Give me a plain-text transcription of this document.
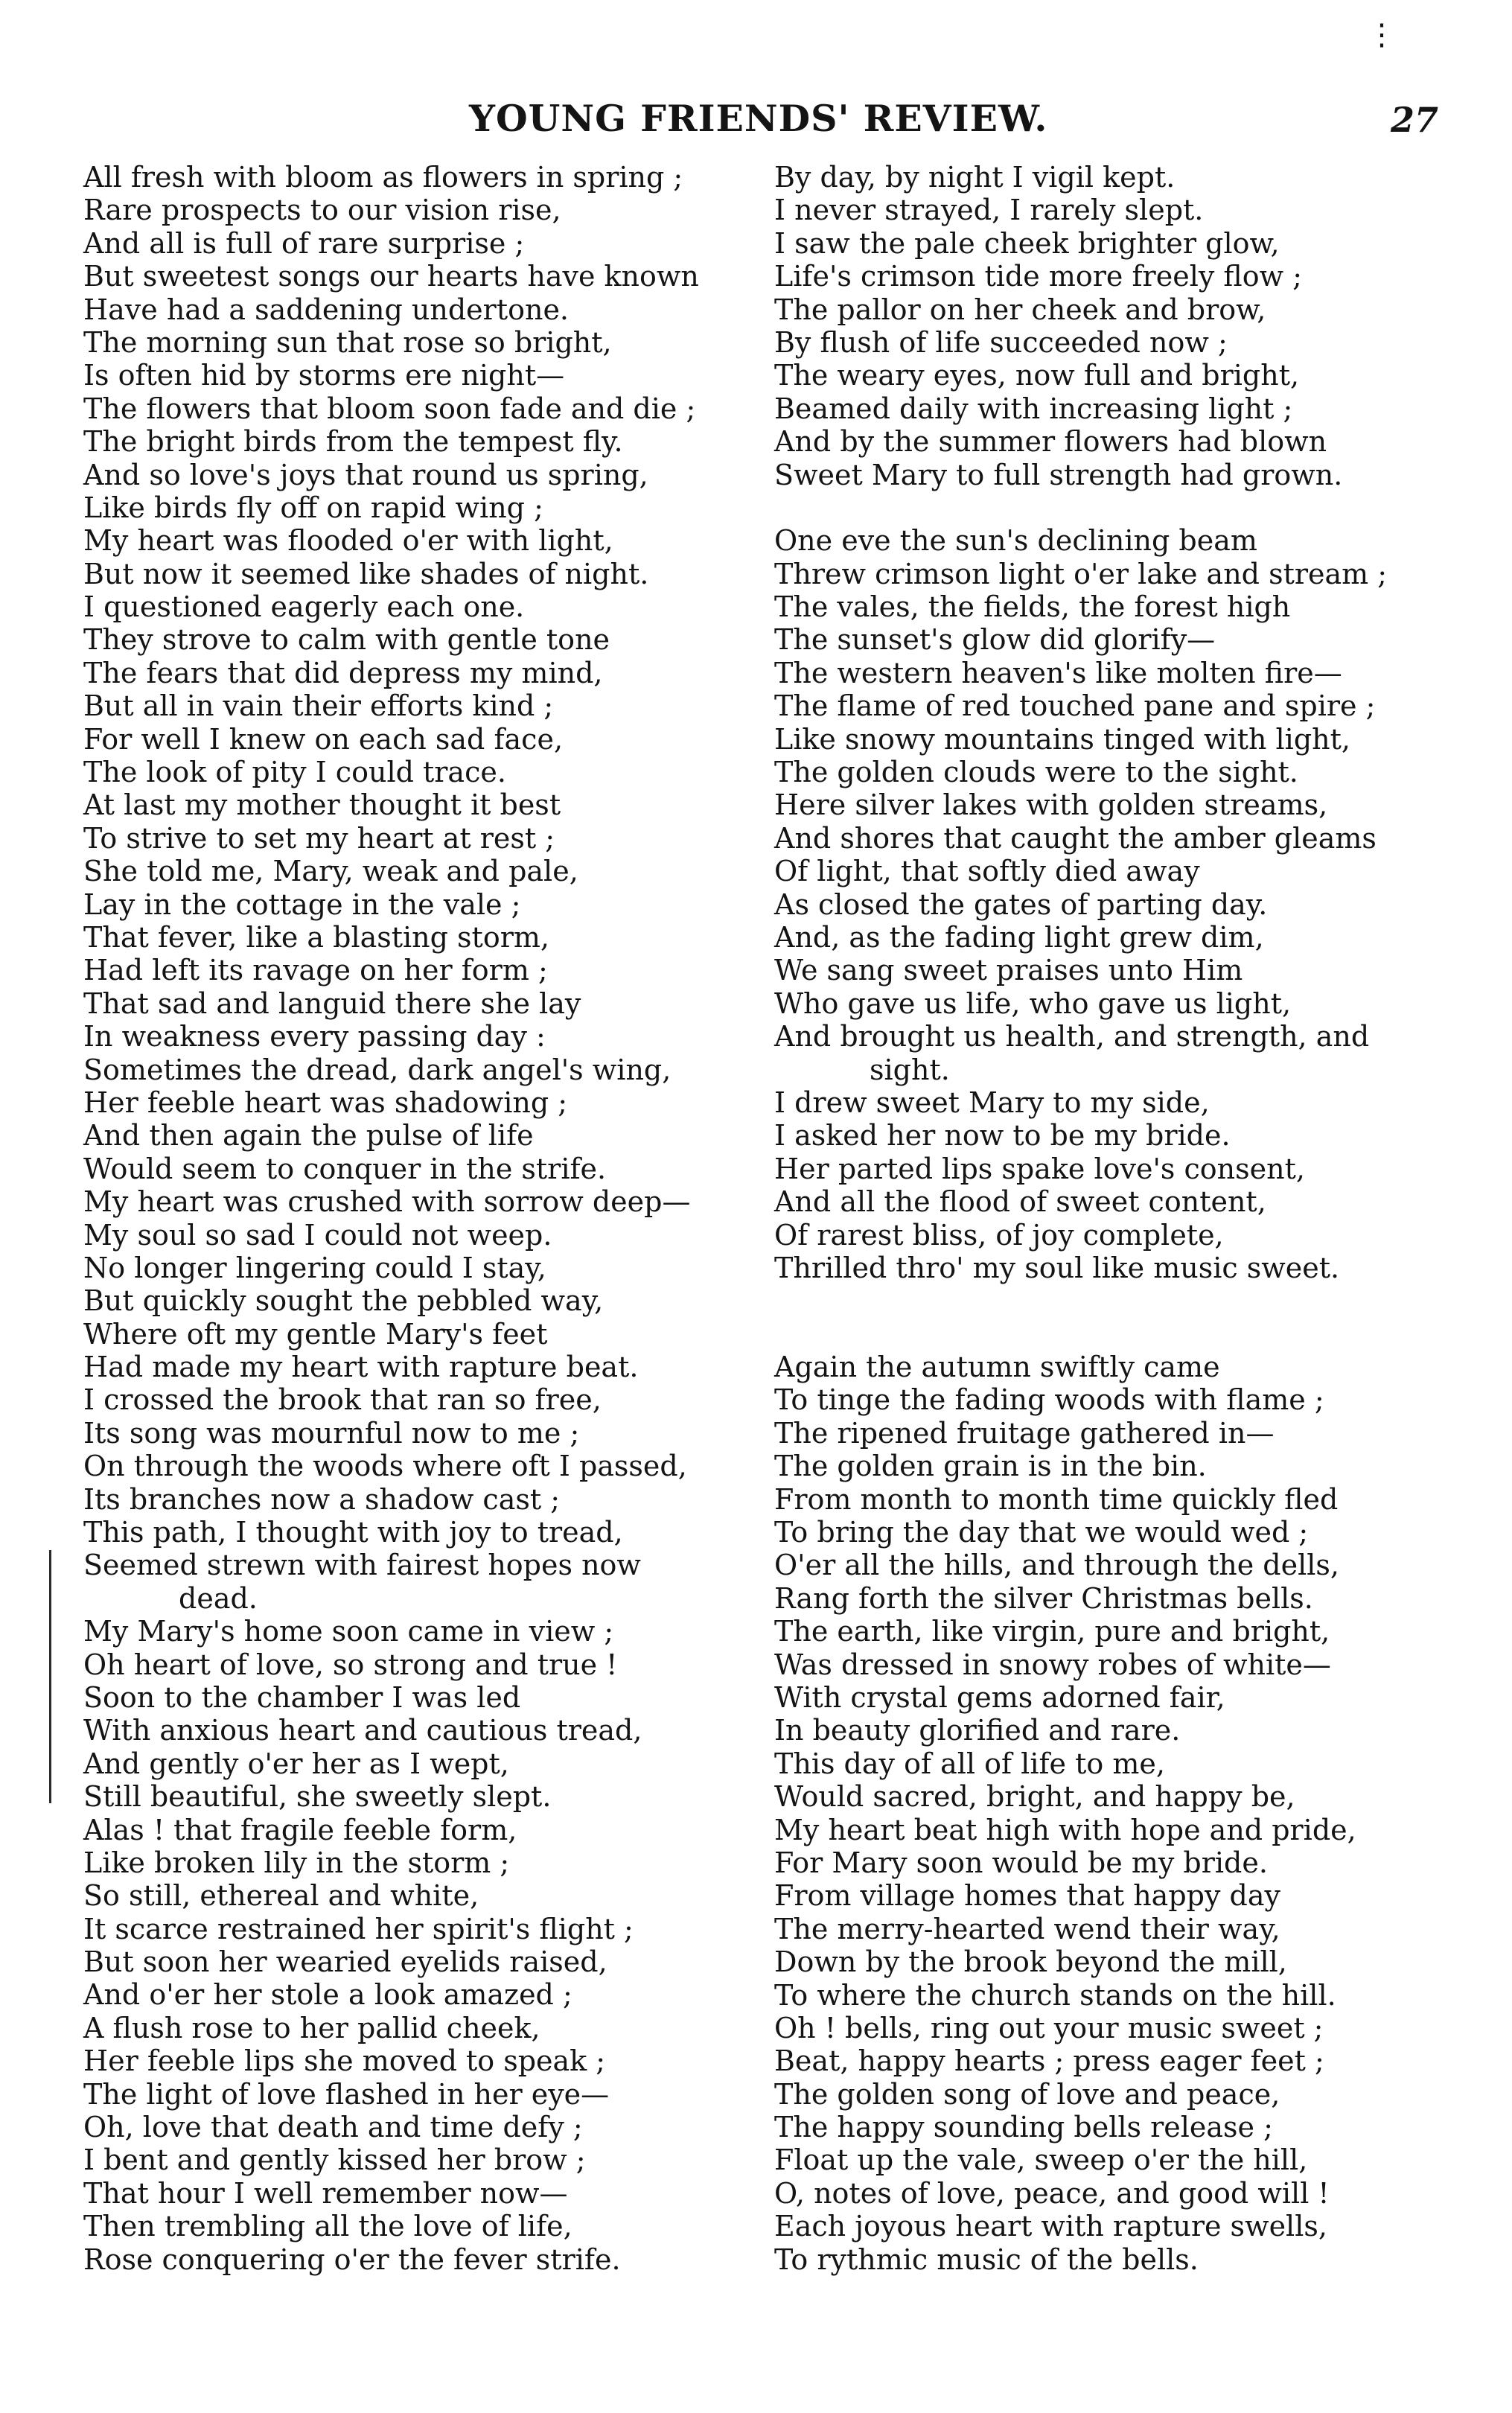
⋮
YOUNG FRIENDS' REVIEW.	27
All fresh with bloom as flowers in spring ;
Rare prospects to our vision rise,
And all is full of rare surprise ;
But sweetest songs our hearts have known
Have had a saddening undertone.
The morning sun that rose so bright,
Is often hid by storms ere night—
The flowers that bloom soon fade and die ;
The bright birds from the tempest fly.
And so love's joys that round us spring,
Like birds fly off on rapid wing ;
My heart was flooded o'er with light,
But now it seemed like shades of night.
I questioned eagerly each one.
They strove to calm with gentle tone
The fears that did depress my mind,
But all in vain their efforts kind ;
For well I knew on each sad face,
The look of pity I could trace.
At last my mother thought it best
To strive to set my heart at rest ;
She told me, Mary, weak and pale,
Lay in the cottage in the vale ;
That fever, like a blasting storm,
Had left its ravage on her form ;
That sad and languid there she lay
In weakness every passing day :
Sometimes the dread, dark angel's wing,
Her feeble heart was shadowing ;
And then again the pulse of life
Would seem to conquer in the strife.
My heart was crushed with sorrow deep—
My soul so sad I could not weep.
No longer lingering could I stay,
But quickly sought the pebbled way,
Where oft my gentle Mary's feet
Had made my heart with rapture beat.
I crossed the brook that ran so free,
Its song was mournful now to me ;
On through the woods where oft I passed,
Its branches now a shadow cast ;
This path, I thought with joy to tread,
Seemed strewn with fairest hopes now
dead.
My Mary's home soon came in view ;
Oh heart of love, so strong and true !
Soon to the chamber I was led
With anxious heart and cautious tread,
And gently o'er her as I wept,
Still beautiful, she sweetly slept.
Alas ! that fragile feeble form,
Like broken lily in the storm ;
So still, ethereal and white,
It scarce restrained her spirit's flight ;
But soon her wearied eyelids raised,
And o'er her stole a look amazed ;
A flush rose to her pallid cheek,
Her feeble lips she moved to speak ;
The light of love flashed in her eye—
Oh, love that death and time defy ;
I bent and gently kissed her brow ;
That hour I well remember now—
Then trembling all the love of life,
Rose conquering o'er the fever strife.
By day, by night I vigil kept.
I never strayed, I rarely slept.
I saw the pale cheek brighter glow,
Life's crimson tide more freely flow ;
The pallor on her cheek and brow,
By flush of life succeeded now ;
The weary eyes, now full and bright,
Beamed daily with increasing light ;
And by the summer flowers had blown
Sweet Mary to full strength had grown.
One eve the sun's declining beam
Threw crimson light o'er lake and stream ;
The vales, the fields, the forest high
The sunset's glow did glorify—
The western heaven's like molten fire—
The flame of red touched pane and spire ;
Like snowy mountains tinged with light,
The golden clouds were to the sight.
Here silver lakes with golden streams,
And shores that caught the amber gleams
Of light, that softly died away
As closed the gates of parting day.
And, as the fading light grew dim,
We sang sweet praises unto Him
Who gave us life, who gave us light,
And brought us health, and strength, and
sight.
I drew sweet Mary to my side,
I asked her now to be my bride.
Her parted lips spake love's consent,
And all the flood of sweet content,
Of rarest bliss, of joy complete,
Thrilled thro' my soul like music sweet.
Again the autumn swiftly came
To tinge the fading woods with flame ;
The ripened fruitage gathered in—
The golden grain is in the bin.
From month to month time quickly fled
To bring the day that we would wed ;
O'er all the hills, and through the dells,
Rang forth the silver Christmas bells.
The earth, like virgin, pure and bright,
Was dressed in snowy robes of white—
With crystal gems adorned fair,
In beauty glorified and rare.
This day of all of life to me,
Would sacred, bright, and happy be,
My heart beat high with hope and pride,
For Mary soon would be my bride.
From village homes that happy day
The merry-hearted wend their way,
Down by the brook beyond the mill,
To where the church stands on the hill.
Oh ! bells, ring out your music sweet ;
Beat, happy hearts ; press eager feet ;
The golden song of love and peace,
The happy sounding bells release ;
Float up the vale, sweep o'er the hill,
O, notes of love, peace, and good will !
Each joyous heart with rapture swells,
To rythmic music of the bells.
